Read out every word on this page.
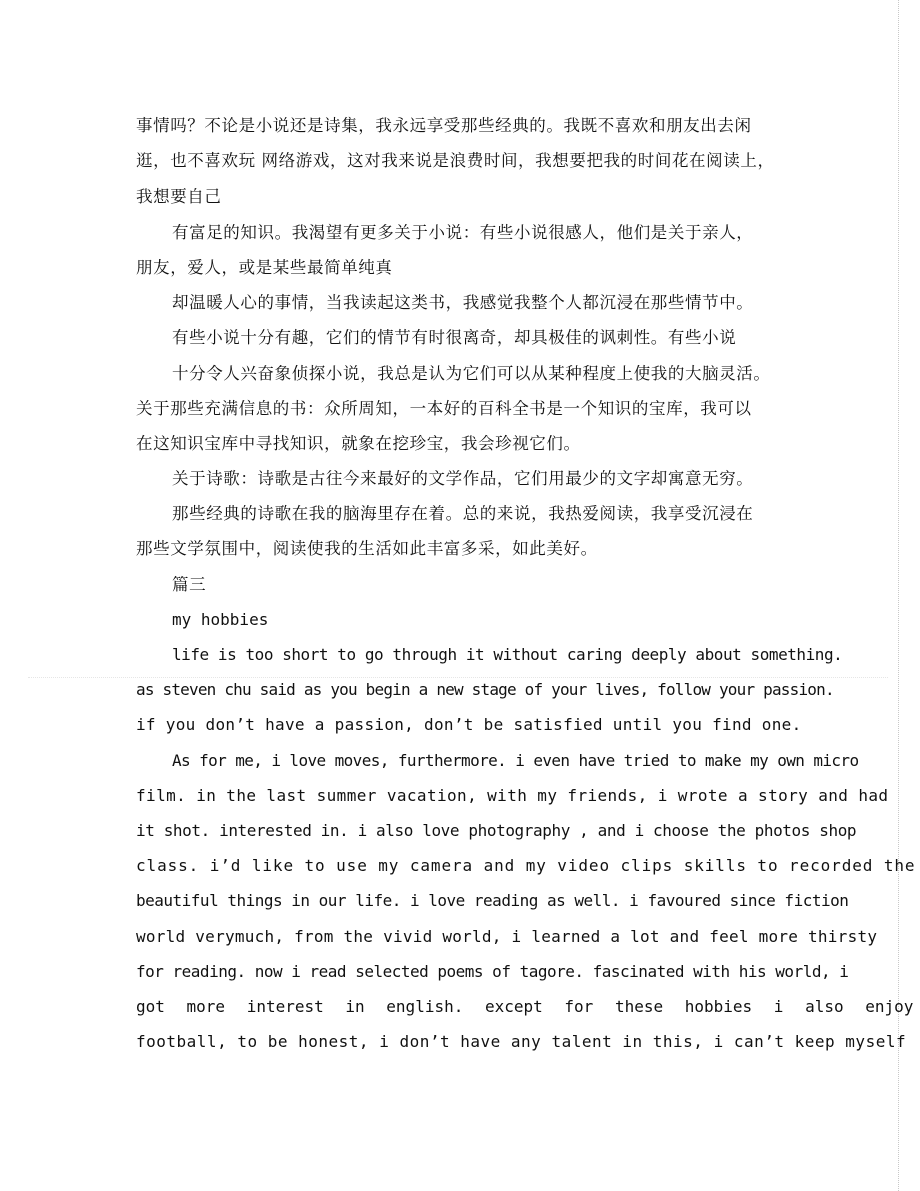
事情吗？不论是小说还是诗集，我永远享受那些经典的。我既不喜欢和朋友出去闲
逛，也不喜欢玩 网络游戏，这对我来说是浪费时间，我想要把我的时间花在阅读上，
我想要自己
有富足的知识。我渴望有更多关于小说：有些小说很感人，他们是关于亲人，
朋友，爱人，或是某些最简单纯真
却温暖人心的事情，当我读起这类书，我感觉我整个人都沉浸在那些情节中。
有些小说十分有趣，它们的情节有时很离奇，却具极佳的讽刺性。有些小说
十分令人兴奋象侦探小说，我总是认为它们可以从某种程度上使我的大脑灵活。
关于那些充满信息的书：众所周知，一本好的百科全书是一个知识的宝库，我可以
在这知识宝库中寻找知识，就象在挖珍宝，我会珍视它们。
关于诗歌：诗歌是古往今来最好的文学作品，它们用最少的文字却寓意无穷。
那些经典的诗歌在我的脑海里存在着。总的来说，我热爱阅读，我享受沉浸在
那些文学氛围中，阅读使我的生活如此丰富多采，如此美好。
篇三
my hobbies
life is too short to go through it without caring deeply about something.
as steven chu said as you begin a new stage of your lives, follow your passion.
if you don’t have a passion, don’t be satisfied until you find one.
As for me, i love moves, furthermore. i even have tried to make my own micro
film. in the last summer vacation, with my friends, i wrote a story and had
it shot. interested in. i also love photography , and i choose the photos shop
class. i’d like to use my camera and my video clips skills to recorded the
beautiful things in our life. i love reading as well. i favoured since fiction
world verymuch, from the vivid world, i learned a lot and feel more thirsty
for reading. now i read selected poems of tagore. fascinated with his world, i
got more interest in english. except for these hobbies i also enjoy
football, to be honest, i don’t have any talent in this, i can’t keep myself
